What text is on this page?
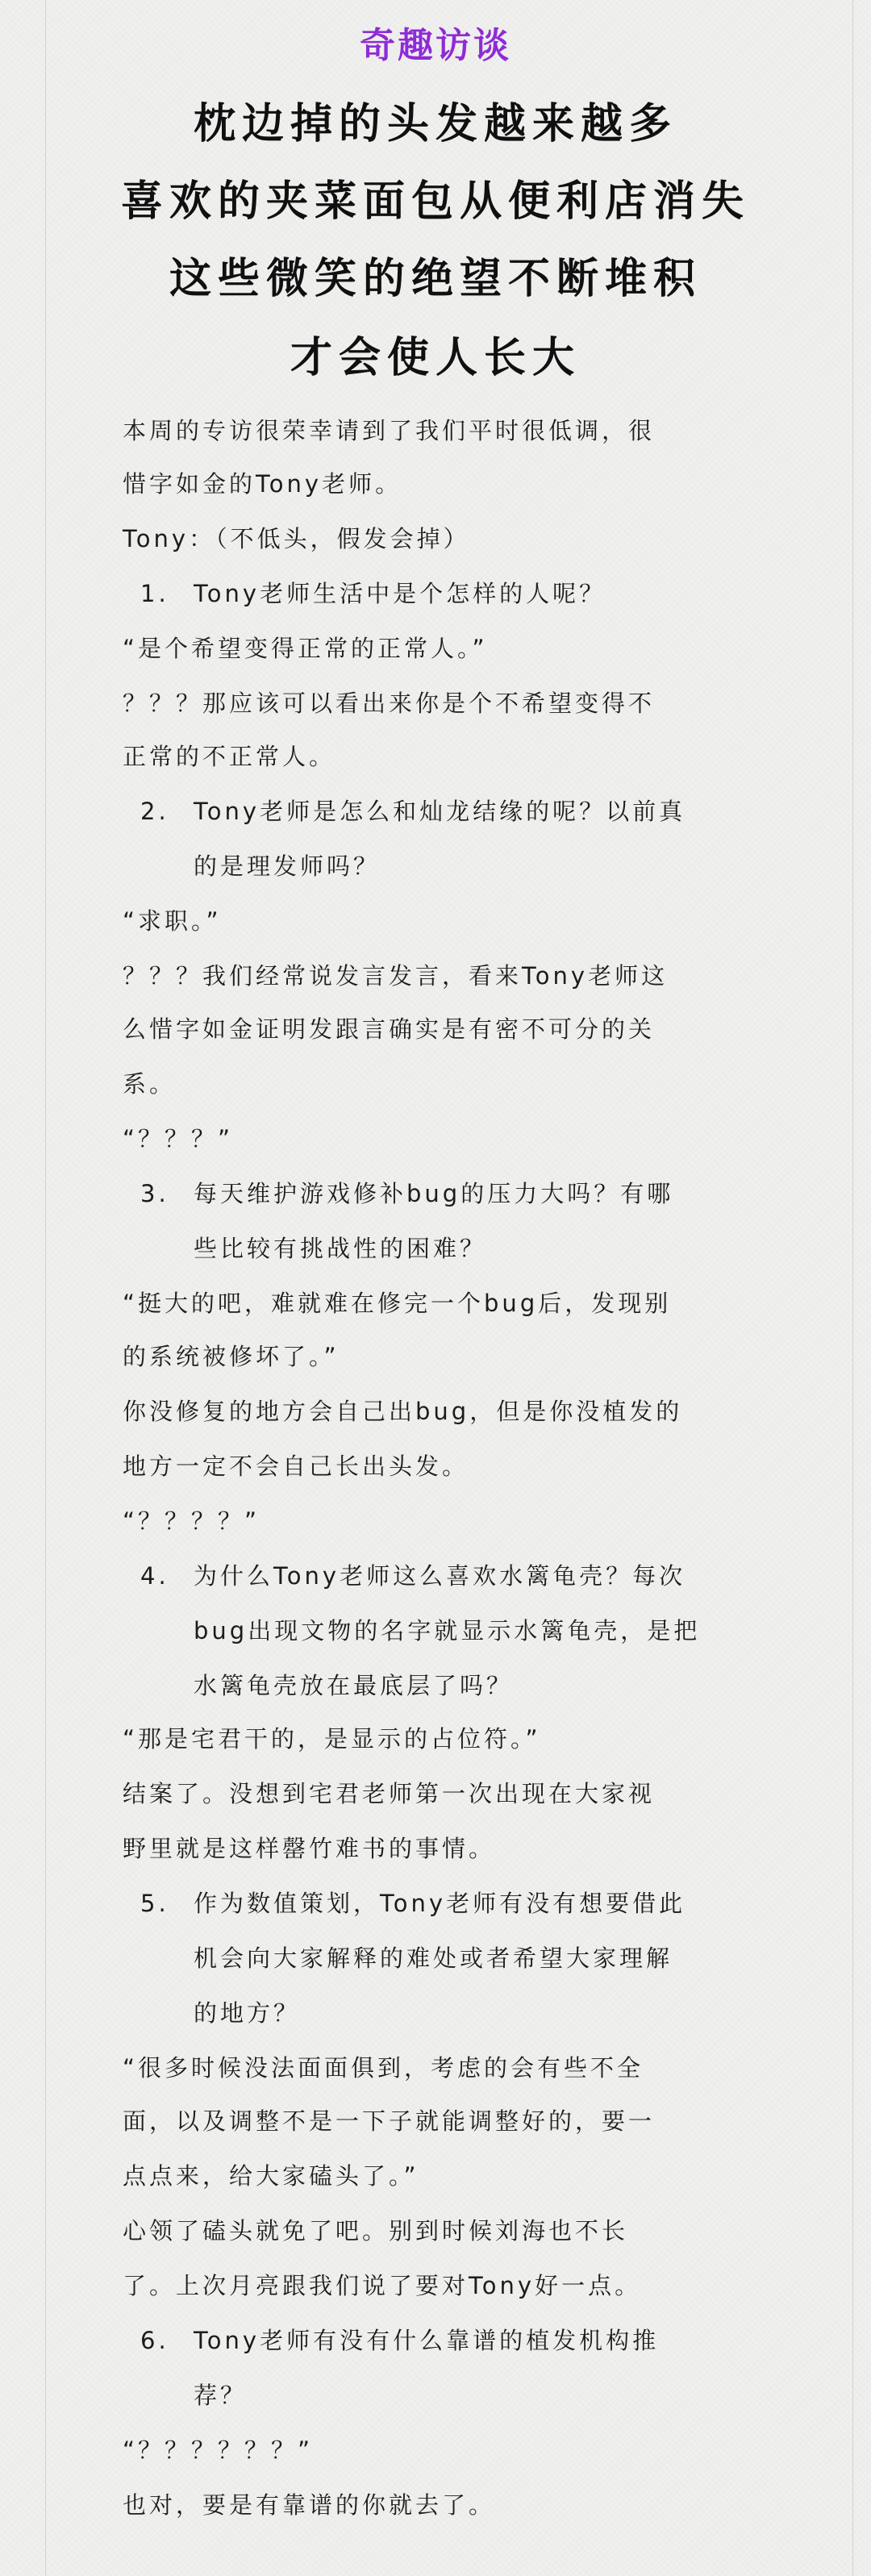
奇趣访谈
枕边掉的头发越来越多
喜欢的夹菜面包从便利店消失
这些微笑的绝望不断堆积
才会使人长大
本周的专访很荣幸请到了我们平时很低调，很
惜字如金的Tony老师。
Tony：（不低头，假发会掉）
1. Tony老师生活中是个怎样的人呢？
“是个希望变得正常的正常人。”
？？？那应该可以看出来你是个不希望变得不
正常的不正常人。
2. Tony老师是怎么和灿龙结缘的呢？以前真
的是理发师吗？
“求职。”
？？？我们经常说发言发言，看来Tony老师这
么惜字如金证明发跟言确实是有密不可分的关
系。
“？？？”
3. 每天维护游戏修补bug的压力大吗？有哪
些比较有挑战性的困难？
“挺大的吧，难就难在修完一个bug后，发现别
的系统被修坏了。”
你没修复的地方会自己出bug，但是你没植发的
地方一定不会自己长出头发。
“？？？？”
4. 为什么Tony老师这么喜欢水篱龟壳？每次
bug出现文物的名字就显示水篱龟壳，是把
水篱龟壳放在最底层了吗？
“那是宅君干的，是显示的占位符。”
结案了。没想到宅君老师第一次出现在大家视
野里就是这样罄竹难书的事情。
5. 作为数值策划，Tony老师有没有想要借此
机会向大家解释的难处或者希望大家理解
的地方？
“很多时候没法面面俱到，考虑的会有些不全
面，以及调整不是一下子就能调整好的，要一
点点来，给大家磕头了。”
心领了磕头就免了吧。别到时候刘海也不长
了。上次月亮跟我们说了要对Tony好一点。
6. Tony老师有没有什么靠谱的植发机构推
荐？
“？？？？？？”
也对，要是有靠谱的你就去了。
